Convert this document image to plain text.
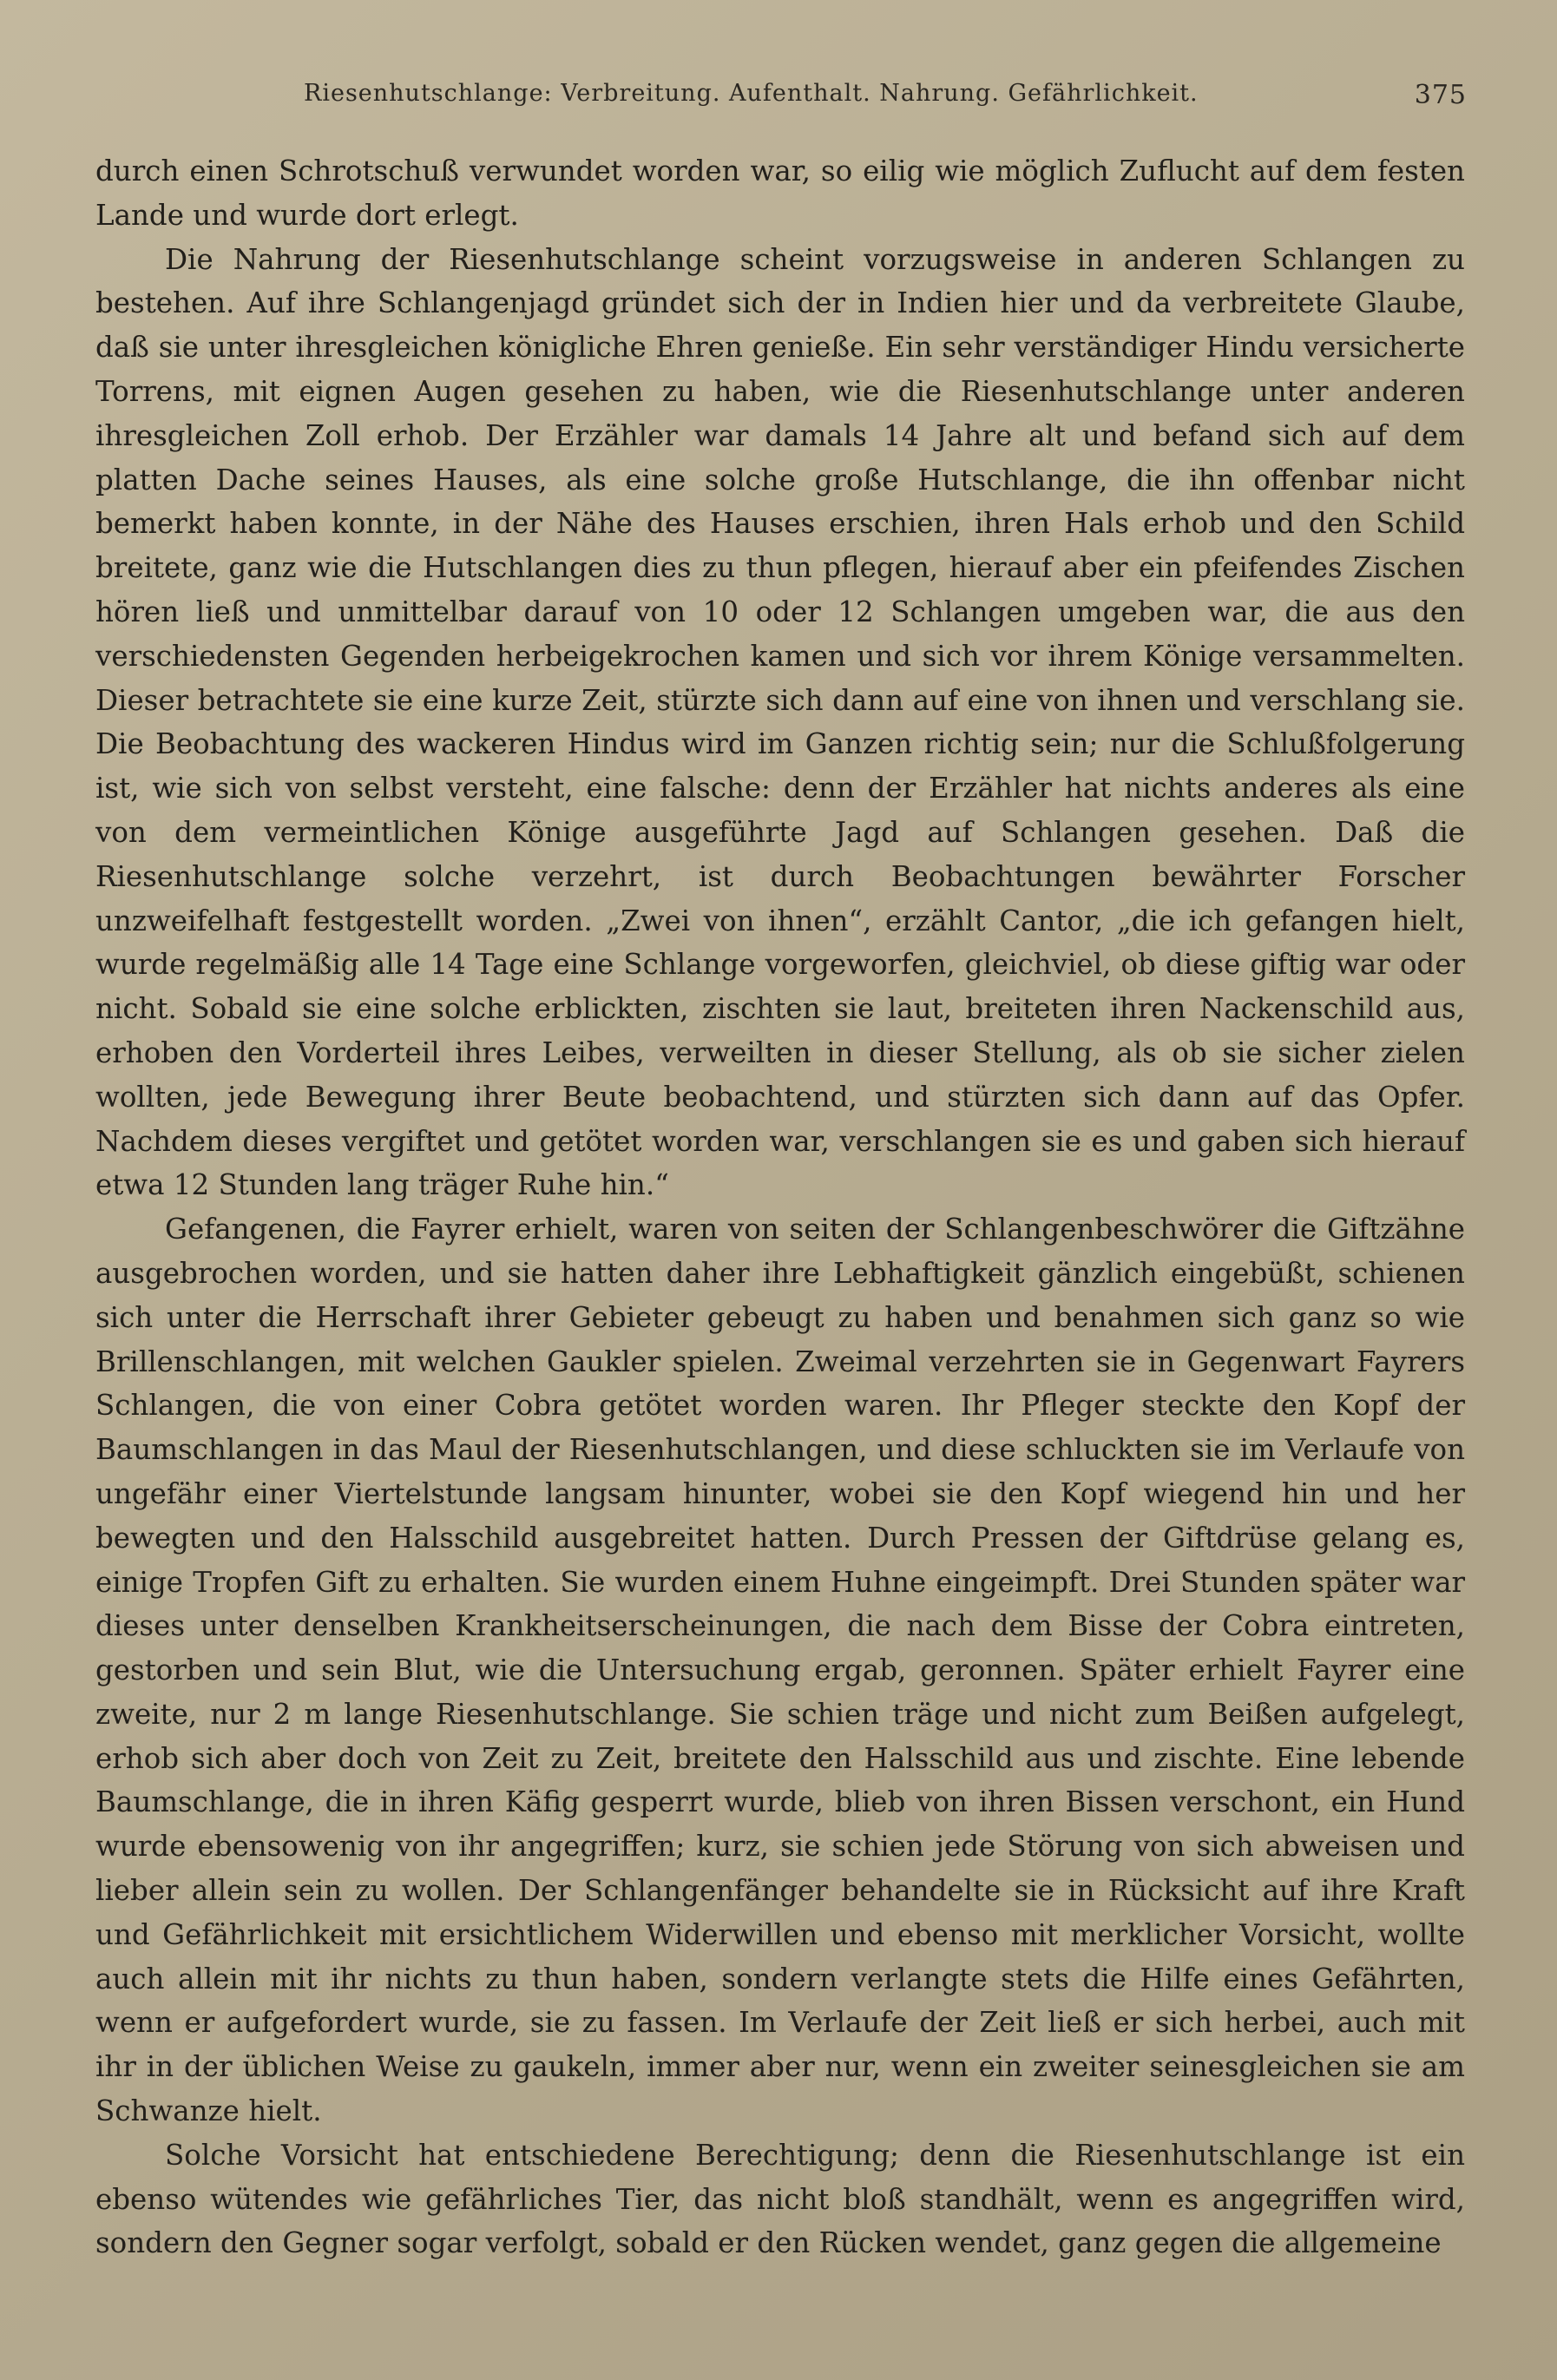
Riesenhutschlange: Verbreitung. Aufenthalt. Nahrung. Gefährlichkeit.	375

durch einen Schrotschuß verwundet worden war, so eilig wie möglich Zuflucht auf dem festen Lande und wurde dort erlegt.

Die Nahrung der Riesenhutschlange scheint vorzugsweise in anderen Schlangen zu bestehen. Auf ihre Schlangenjagd gründet sich der in Indien hier und da verbreitete Glaube, daß sie unter ihresgleichen königliche Ehren genieße. Ein sehr verständiger Hindu versicherte Torrens, mit eignen Augen gesehen zu haben, wie die Riesenhutschlange unter anderen ihresgleichen Zoll erhob. Der Erzähler war damals 14 Jahre alt und befand sich auf dem platten Dache seines Hauses, als eine solche große Hutschlange, die ihn offenbar nicht bemerkt haben konnte, in der Nähe des Hauses erschien, ihren Hals erhob und den Schild breitete, ganz wie die Hutschlangen dies zu thun pflegen, hierauf aber ein pfeifendes Zischen hören ließ und unmittelbar darauf von 10 oder 12 Schlangen umgeben war, die aus den verschiedensten Gegenden herbeigekrochen kamen und sich vor ihrem Könige versammelten. Dieser betrachtete sie eine kurze Zeit, stürzte sich dann auf eine von ihnen und verschlang sie. Die Beobachtung des wackeren Hindus wird im Ganzen richtig sein; nur die Schlußfolgerung ist, wie sich von selbst versteht, eine falsche: denn der Erzähler hat nichts anderes als eine von dem vermeintlichen Könige ausgeführte Jagd auf Schlangen gesehen. Daß die Riesenhutschlange solche verzehrt, ist durch Beobachtungen bewährter Forscher unzweifelhaft festgestellt worden. „Zwei von ihnen“, erzählt Cantor, „die ich gefangen hielt, wurde regelmäßig alle 14 Tage eine Schlange vorgeworfen, gleichviel, ob diese giftig war oder nicht. Sobald sie eine solche erblickten, zischten sie laut, breiteten ihren Nackenschild aus, erhoben den Vorderteil ihres Leibes, verweilten in dieser Stellung, als ob sie sicher zielen wollten, jede Bewegung ihrer Beute beobachtend, und stürzten sich dann auf das Opfer. Nachdem dieses vergiftet und getötet worden war, verschlangen sie es und gaben sich hierauf etwa 12 Stunden lang träger Ruhe hin.“

Gefangenen, die Fayrer erhielt, waren von seiten der Schlangenbeschwörer die Giftzähne ausgebrochen worden, und sie hatten daher ihre Lebhaftigkeit gänzlich eingebüßt, schienen sich unter die Herrschaft ihrer Gebieter gebeugt zu haben und benahmen sich ganz so wie Brillenschlangen, mit welchen Gaukler spielen. Zweimal verzehrten sie in Gegenwart Fayrers Schlangen, die von einer Cobra getötet worden waren. Ihr Pfleger steckte den Kopf der Baumschlangen in das Maul der Riesenhutschlangen, und diese schluckten sie im Verlaufe von ungefähr einer Viertelstunde langsam hinunter, wobei sie den Kopf wiegend hin und her bewegten und den Halsschild ausgebreitet hatten. Durch Pressen der Giftdrüse gelang es, einige Tropfen Gift zu erhalten. Sie wurden einem Huhne eingeimpft. Drei Stunden später war dieses unter denselben Krankheitserscheinungen, die nach dem Bisse der Cobra eintreten, gestorben und sein Blut, wie die Untersuchung ergab, geronnen. Später erhielt Fayrer eine zweite, nur 2 m lange Riesenhutschlange. Sie schien träge und nicht zum Beißen aufgelegt, erhob sich aber doch von Zeit zu Zeit, breitete den Halsschild aus und zischte. Eine lebende Baumschlange, die in ihren Käfig gesperrt wurde, blieb von ihren Bissen verschont, ein Hund wurde ebensowenig von ihr angegriffen; kurz, sie schien jede Störung von sich abweisen und lieber allein sein zu wollen. Der Schlangenfänger behandelte sie in Rücksicht auf ihre Kraft und Gefährlichkeit mit ersichtlichem Widerwillen und ebenso mit merklicher Vorsicht, wollte auch allein mit ihr nichts zu thun haben, sondern verlangte stets die Hilfe eines Gefährten, wenn er aufgefordert wurde, sie zu fassen. Im Verlaufe der Zeit ließ er sich herbei, auch mit ihr in der üblichen Weise zu gaukeln, immer aber nur, wenn ein zweiter seinesgleichen sie am Schwanze hielt.

Solche Vorsicht hat entschiedene Berechtigung; denn die Riesenhutschlange ist ein ebenso wütendes wie gefährliches Tier, das nicht bloß standhält, wenn es angegriffen wird, sondern den Gegner sogar verfolgt, sobald er den Rücken wendet, ganz gegen die allgemeine
